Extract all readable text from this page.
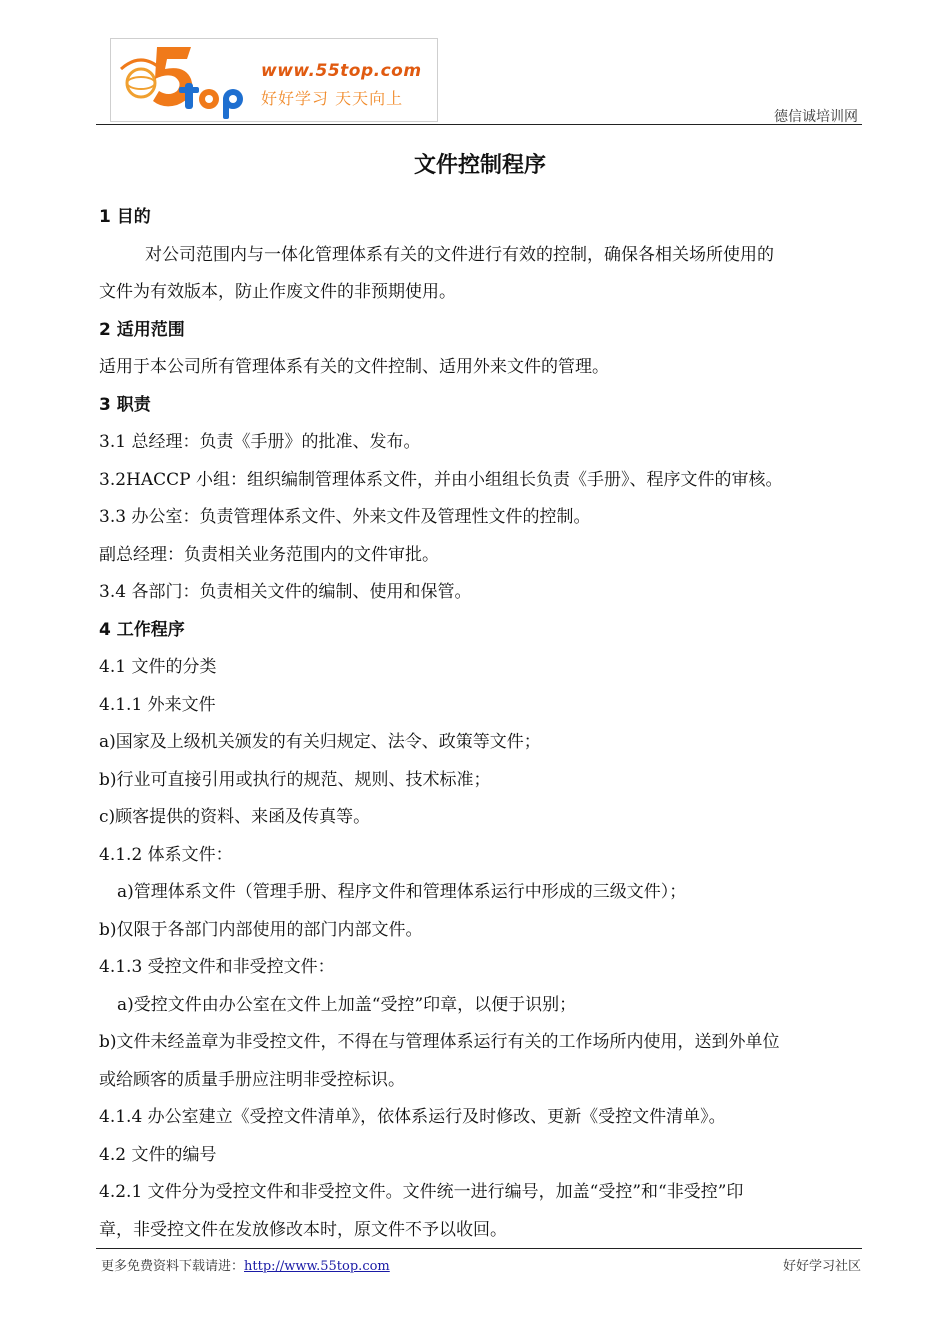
www.55top.com
好好学习 天天向上
德信诚培训网
文件控制程序
1 目的
对公司范围内与一体化管理体系有关的文件进行有效的控制，确保各相关场所使用的
文件为有效版本，防止作废文件的非预期使用。
2 适用范围
适用于本公司所有管理体系有关的文件控制、适用外来文件的管理。
3 职责
3.1 总经理：负责《手册》的批准、发布。
3.2HACCP 小组：组织编制管理体系文件，并由小组组长负责《手册》、程序文件的审核。
3.3 办公室：负责管理体系文件、外来文件及管理性文件的控制。
副总经理：负责相关业务范围内的文件审批。
3.4 各部门：负责相关文件的编制、使用和保管。
4 工作程序
4.1 文件的分类
4.1.1 外来文件
a)国家及上级机关颁发的有关归规定、法令、政策等文件；
b)行业可直接引用或执行的规范、规则、技术标准；
c)顾客提供的资料、来函及传真等。
4.1.2 体系文件：
a)管理体系文件（管理手册、程序文件和管理体系运行中形成的三级文件）；
b)仅限于各部门内部使用的部门内部文件。
4.1.3 受控文件和非受控文件：
a)受控文件由办公室在文件上加盖“受控”印章，以便于识别；
b)文件未经盖章为非受控文件，不得在与管理体系运行有关的工作场所内使用，送到外单位
或给顾客的质量手册应注明非受控标识。
4.1.4 办公室建立《受控文件清单》，依体系运行及时修改、更新《受控文件清单》。
4.2 文件的编号
4.2.1 文件分为受控文件和非受控文件。文件统一进行编号，加盖“受控”和“非受控”印
章，非受控文件在发放修改本时，原文件不予以收回。
更多免费资料下载请进：http://www.55top.com	好好学习社区
